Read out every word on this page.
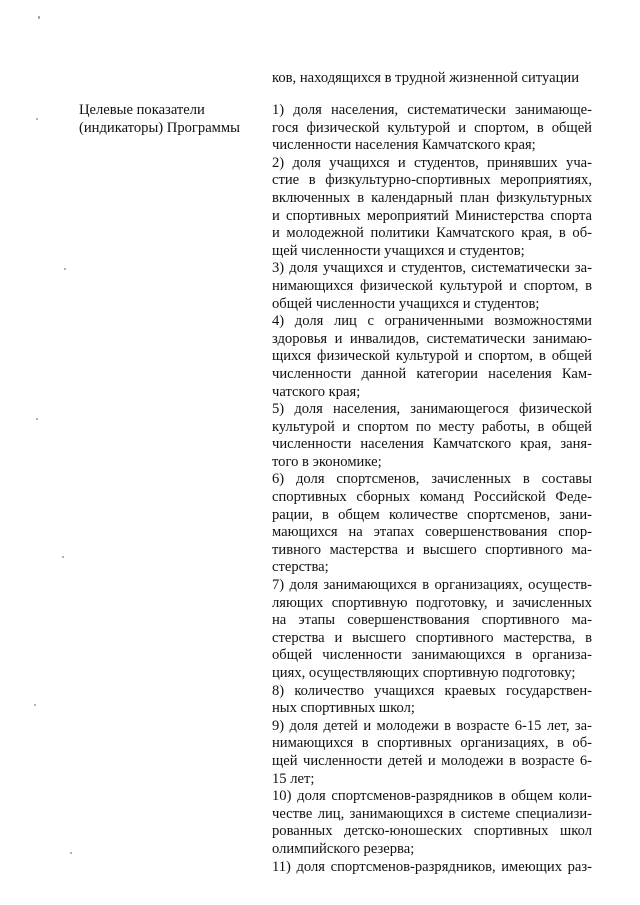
ков, находящихся в трудной жизненной ситуации
Целевые показатели
(индикаторы) Программы
1) доля населения, систематически занимающе-
гося физической культурой и спортом, в общей
численности населения Камчатского края;
2) доля учащихся и студентов, принявших уча-
стие в физкультурно-спортивных мероприятиях,
включенных в календарный план физкультурных
и спортивных мероприятий Министерства спорта
и молодежной политики Камчатского края, в об-
щей численности учащихся и студентов;
3) доля учащихся и студентов, систематически за-
нимающихся физической культурой и спортом, в
общей численности учащихся и студентов;
4) доля лиц с ограниченными возможностями
здоровья и инвалидов, систематически занимаю-
щихся физической культурой и спортом, в общей
численности данной категории населения Кам-
чатского края;
5) доля населения, занимающегося физической
культурой и спортом по месту работы, в общей
численности населения Камчатского края, заня-
того в экономике;
6) доля спортсменов, зачисленных в составы
спортивных сборных команд Российской Феде-
рации, в общем количестве спортсменов, зани-
мающихся на этапах совершенствования спор-
тивного мастерства и высшего спортивного ма-
стерства;
7) доля занимающихся в организациях, осуществ-
ляющих спортивную подготовку, и зачисленных
на этапы совершенствования спортивного ма-
стерства и высшего спортивного мастерства, в
общей численности занимающихся в организа-
циях, осуществляющих спортивную подготовку;
8) количество учащихся краевых государствен-
ных спортивных школ;
9) доля детей и молодежи в возрасте 6-15 лет, за-
нимающихся в спортивных организациях, в об-
щей численности детей и молодежи в возрасте 6-
15 лет;
10) доля спортсменов-разрядников в общем коли-
честве лиц, занимающихся в системе специализи-
рованных детско-юношеских спортивных школ
олимпийского резерва;
11) доля спортсменов-разрядников, имеющих раз-
